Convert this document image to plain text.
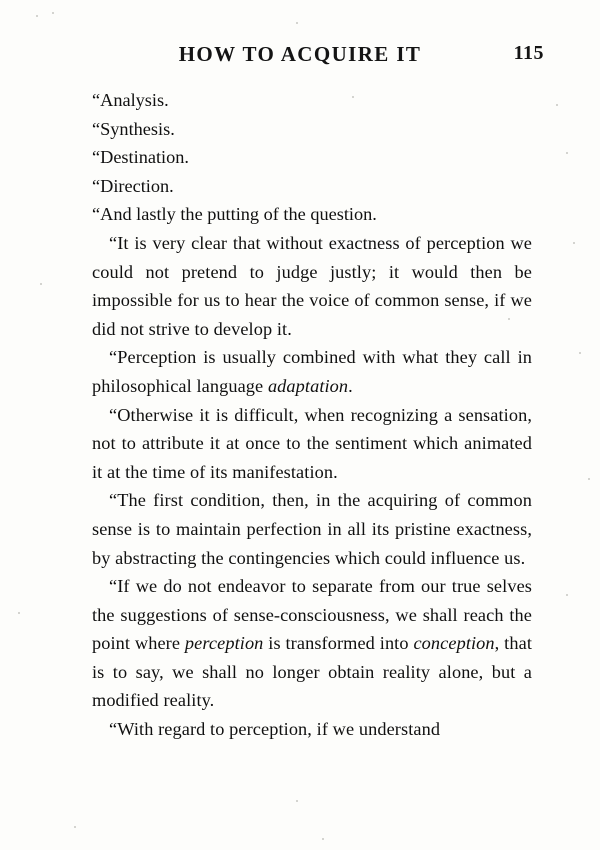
HOW TO ACQUIRE IT	115
“Analysis.
“Synthesis.
“Destination.
“Direction.
“And lastly the putting of the question.

“It is very clear that without exactness of perception we could not pretend to judge justly; it would then be impossible for us to hear the voice of common sense, if we did not strive to develop it.

“Perception is usually combined with what they call in philosophical language adaptation.

“Otherwise it is difficult, when recognizing a sensation, not to attribute it at once to the sentiment which animated it at the time of its manifestation.

“The first condition, then, in the acquiring of common sense is to maintain perfection in all its pristine exactness, by abstracting the contingencies which could influence us.

“If we do not endeavor to separate from our true selves the suggestions of sense-consciousness, we shall reach the point where perception is transformed into conception, that is to say, we shall no longer obtain reality alone, but a modified reality.

“With regard to perception, if we understand
